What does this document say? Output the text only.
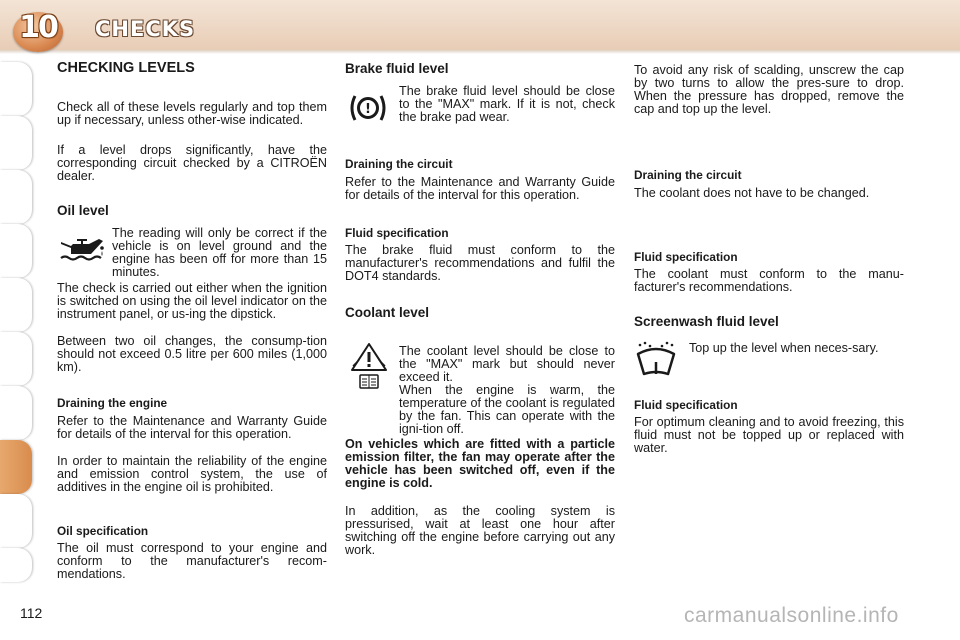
10 CHECKS

CHECKING LEVELS

Check all of these levels regularly and top them up if necessary, unless other-wise indicated.

If a level drops significantly, have the corresponding circuit checked by a CITROËN dealer.

Oil level

The reading will only be correct if the vehicle is on level ground and the engine has been off for more than 15 minutes.

The check is carried out either when the ignition is switched on using the oil level indicator on the instrument panel, or us-ing the dipstick.

Between two oil changes, the consump-tion should not exceed 0.5 litre per 600 miles (1,000 km).

Draining the engine

Refer to the Maintenance and Warranty Guide for details of the interval for this operation.

In order to maintain the reliability of the engine and emission control system, the use of additives in the engine oil is prohibited.

Oil specification

The oil must correspond to your engine and conform to the manufacturer's recom-mendations.

Brake fluid level

!

The brake fluid level should be close to the "MAX" mark. If it is not, check the brake pad wear.

Draining the circuit

Refer to the Maintenance and Warranty Guide for details of the interval for this operation.

Fluid specification

The brake fluid must conform to the manufacturer's recommendations and fulfil the DOT4 standards.

Coolant level

The coolant level should be close to the "MAX" mark but should never exceed it.

When the engine is warm, the temperature of the coolant is regulated by the fan. This can operate with the igni-tion off.

On vehicles which are fitted with a particle emission filter, the fan may operate after the vehicle has been switched off, even if the engine is cold.

In addition, as the cooling system is pressurised, wait at least one hour after switching off the engine before carrying out any work.

To avoid any risk of scalding, unscrew the cap by two turns to allow the pres-sure to drop. When the pressure has dropped, remove the cap and top up the level.

Draining the circuit

The coolant does not have to be changed.

Fluid specification

The coolant must conform to the manu-facturer's recommendations.

Screenwash fluid level

Top up the level when neces-sary.

Fluid specification

For optimum cleaning and to avoid freezing, this fluid must not be topped up or replaced with water.

112	carmanualsonline.info
